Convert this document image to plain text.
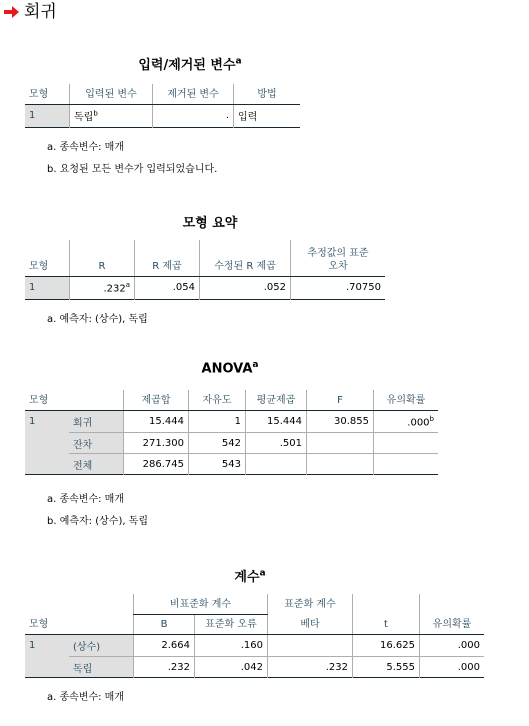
회귀
입력/제거된 변수$^a$
모형	입력된 변수	제거된 변수	방법
1	독립$^b$	.	입력
a. 종속변수: 매개
b. 요청된 모든 변수가 입력되었습니다.
모형 요약
모형	R	R 제곱	수정된 R 제곱	추정값의 표준
오차
1	.232$^a$	.054	.052	.70750
a. 예측자: (상수), 독립
ANOVA$^a$
모형		제곱합	자유도	평균제곱	F	유의확률
1	회귀	15.444	1	15.444	30.855	.000$^b$
	잔차	271.300	542	.501		
	전체	286.745	543			
a. 종속변수: 매개
b. 예측자: (상수), 독립
계수$^a$
		비표준화 계수		표준화 계수		
모형		B	표준화 오류	베타	t	유의확률
1	(상수)	2.664	.160		16.625	.000
	독립	.232	.042	.232	5.555	.000
a. 종속변수: 매개
